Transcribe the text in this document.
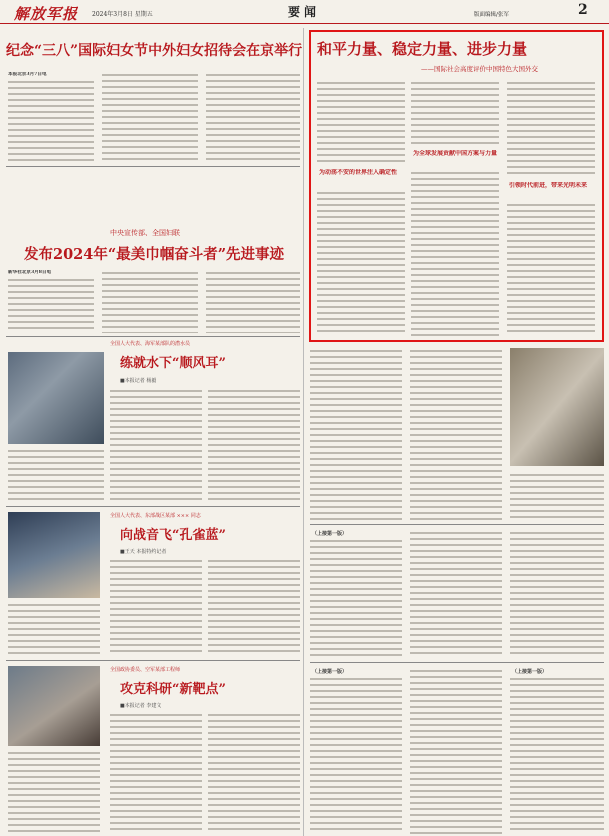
解放军报 2024年3月8日 星期五	要闻	版面编辑/张军	2
纪念“三八”国际妇女节中外妇女招待会在京举行
本报北京3月7日电
中央宣传部、全国妇联
发布2024年“最美巾帼奋斗者”先进事迹
新华社北京3月8日电
全国人大代表、海军某部队的潜水员
练就水下“顺风耳”
■本报记者 杨毅
全国人大代表、东部战区某部 ××× 同志
向战音飞“孔雀蓝”
■王天 本报特约记者
全国政协委员、空军某部工程师
攻克科研“新靶点”
■本报记者 李建文
和平力量、稳定力量、进步力量
——国际社会高度评价中国特色大国外交
为动荡不安的世界注入确定性
为全球发展贡献中国方案与力量
引领时代前进，带来光明未来
（上接第一版）
（上接第一版）	（上接第一版）
